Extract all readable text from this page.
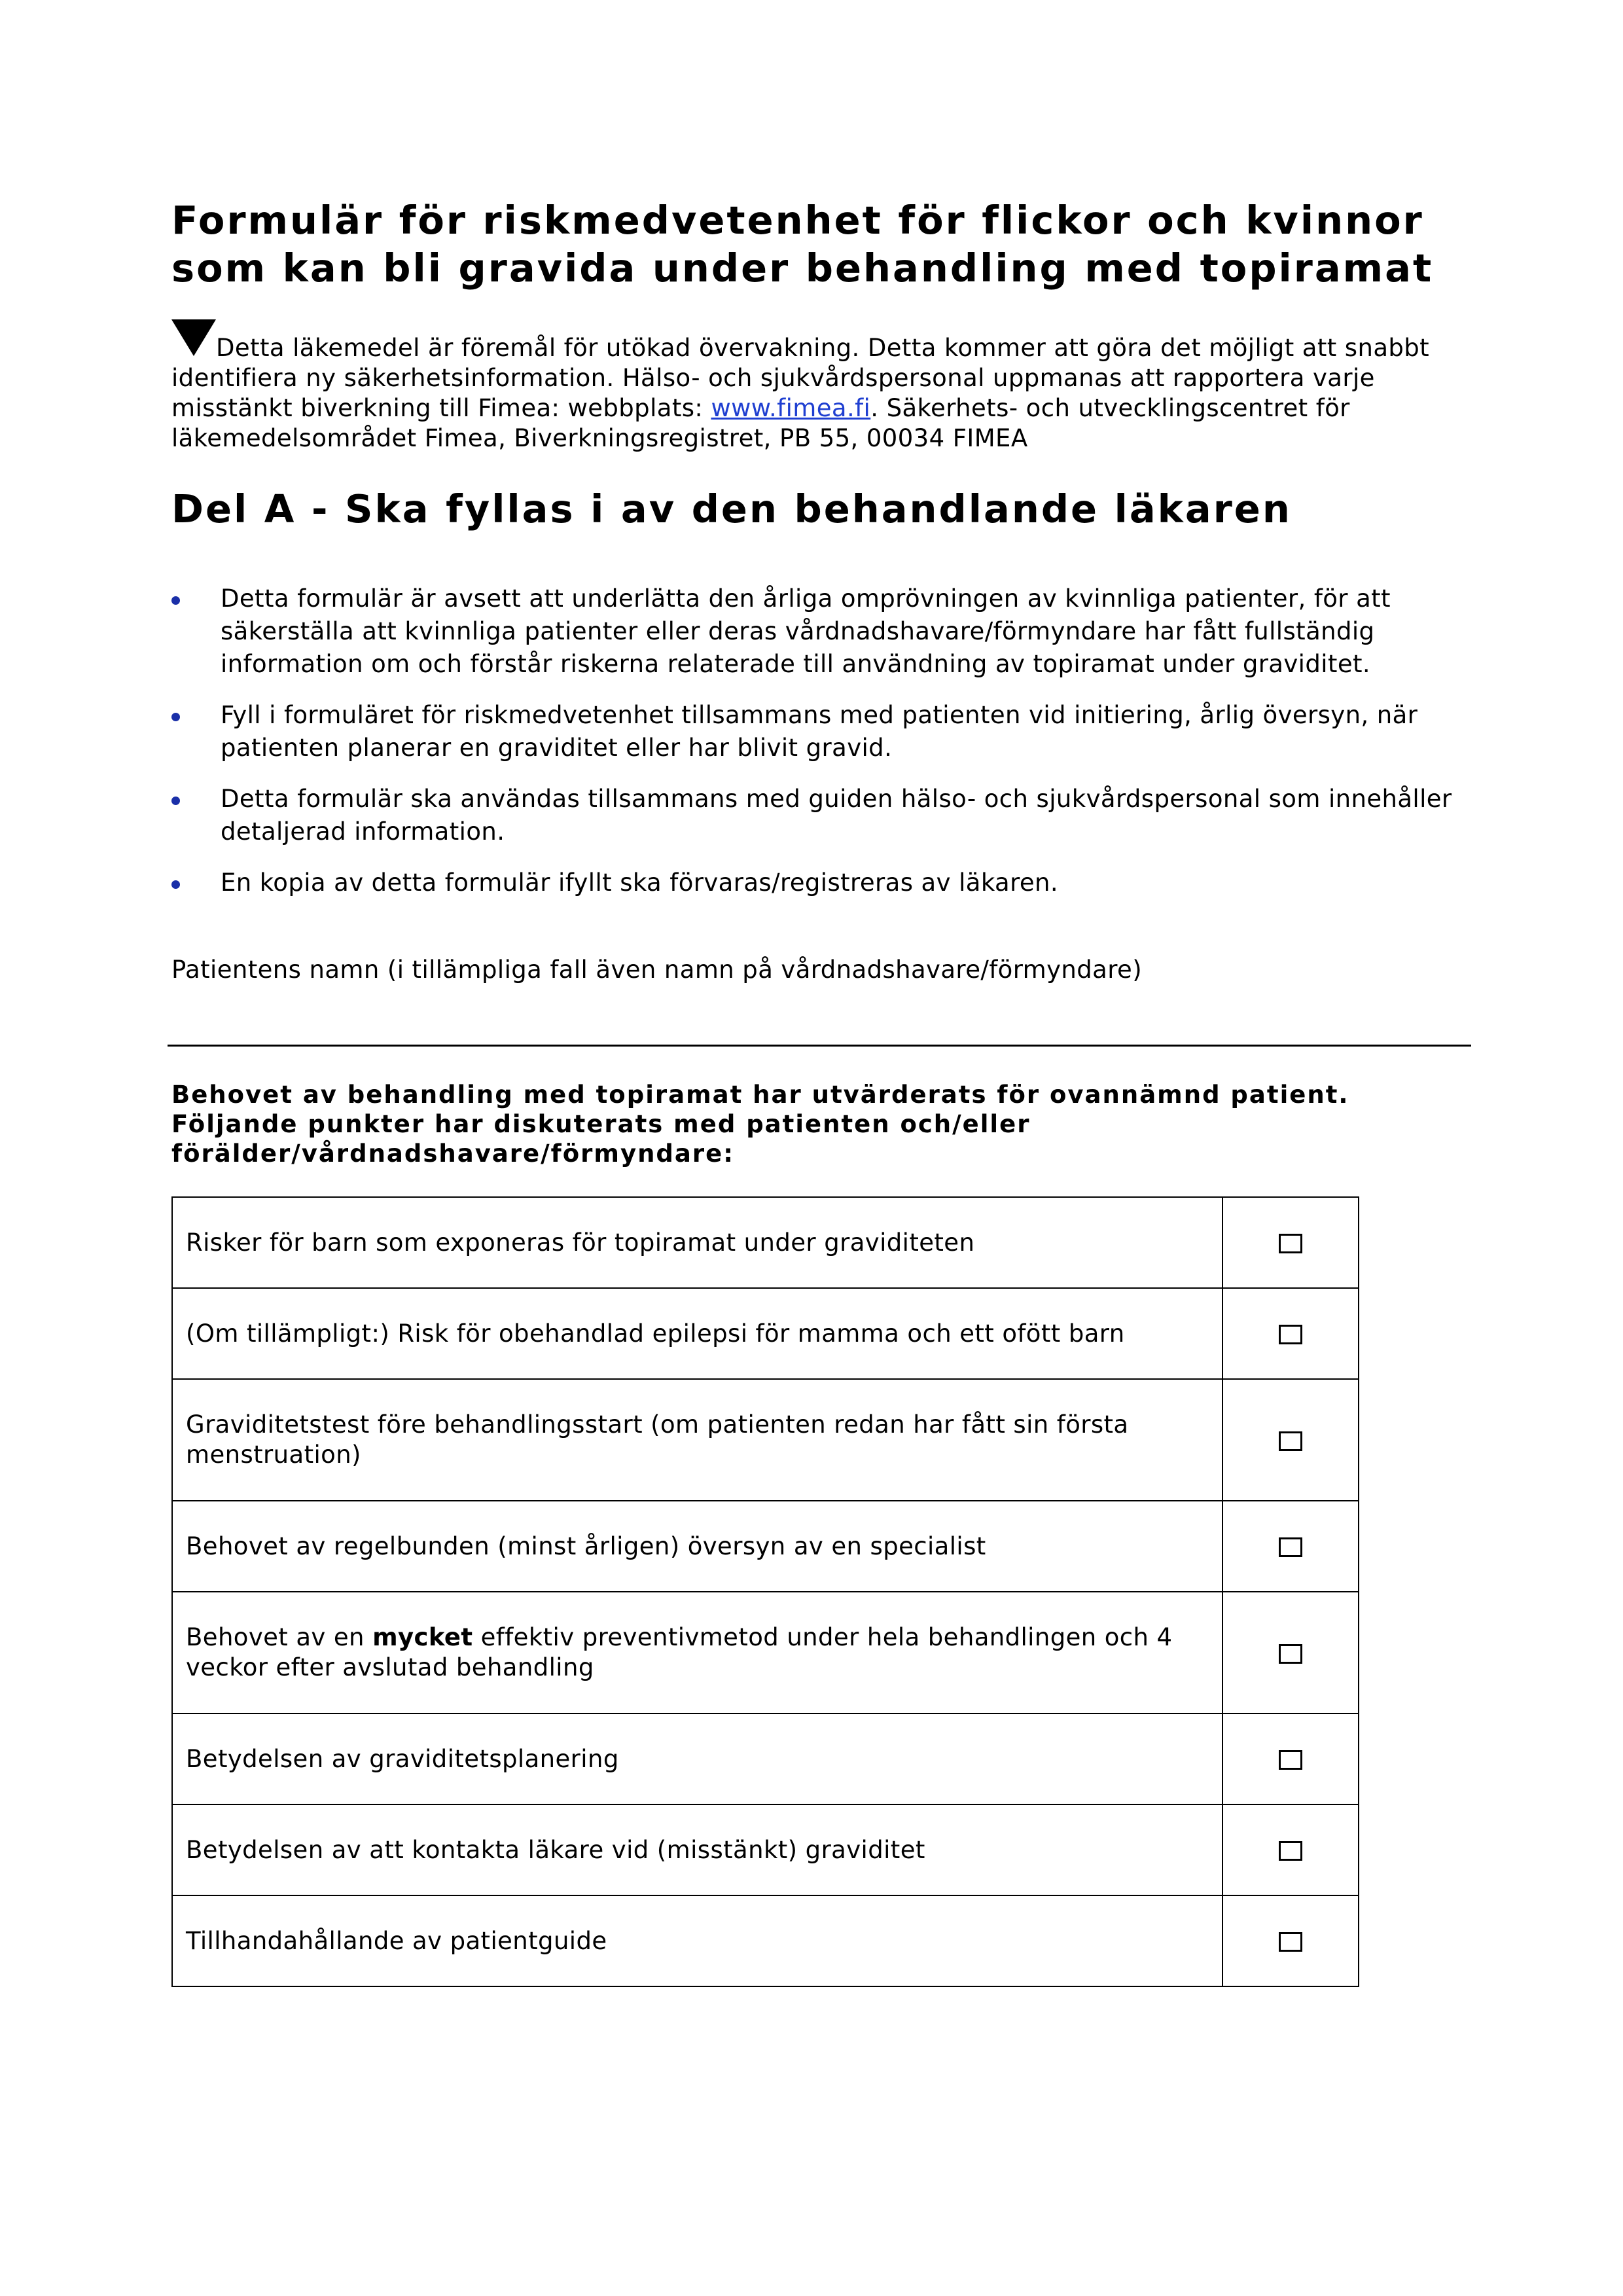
Formulär för riskmedvetenhet för flickor och kvinnor som kan bli gravida under behandling med topiramat
Detta läkemedel är föremål för utökad övervakning. Detta kommer att göra det möjligt att snabbt identifiera ny säkerhetsinformation. Hälso- och sjukvårdspersonal uppmanas att rapportera varje misstänkt biverkning till Fimea: webbplats: www.fimea.fi. Säkerhets- och utvecklingscentret för läkemedelsområdet Fimea, Biverkningsregistret, PB 55, 00034 FIMEA
Del A - Ska fyllas i av den behandlande läkaren
Detta formulär är avsett att underlätta den årliga omprövningen av kvinnliga patienter, för att säkerställa att kvinnliga patienter eller deras vårdnadshavare/förmyndare har fått fullständig information om och förstår riskerna relaterade till användning av topiramat under graviditet.
Fyll i formuläret för riskmedvetenhet tillsammans med patienten vid initiering, årlig översyn, när patienten planerar en graviditet eller har blivit gravid.
Detta formulär ska användas tillsammans med guiden hälso- och sjukvårdspersonal som innehåller detaljerad information.
En kopia av detta formulär ifyllt ska förvaras/registreras av läkaren.
Patientens namn (i tillämpliga fall även namn på vårdnadshavare/förmyndare)
Behovet av behandling med topiramat har utvärderats för ovannämnd patient.
Följande punkter har diskuterats med patienten och/eller
förälder/vårdnadshavare/förmyndare:
Risker för barn som exponeras för topiramat under graviditeten	
(Om tillämpligt:) Risk för obehandlad epilepsi för mamma och ett ofött barn	
Graviditetstest före behandlingsstart (om patienten redan har fått sin första menstruation)	
Behovet av regelbunden (minst årligen) översyn av en specialist	
Behovet av en mycket effektiv preventivmetod under hela behandlingen och 4 veckor efter avslutad behandling	
Betydelsen av graviditetsplanering	
Betydelsen av att kontakta läkare vid (misstänkt) graviditet	
Tillhandahållande av patientguide	
